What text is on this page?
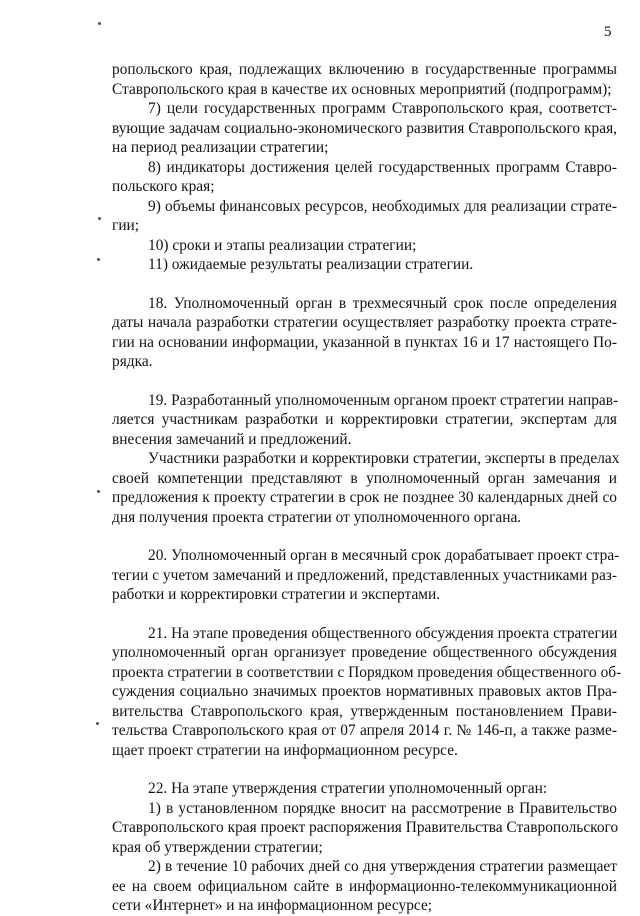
5
ропольского края, подлежащих включению в государственные программы
Ставропольского края в качестве их основных мероприятий (подпрограмм);
7) цели государственных программ Ставропольского края, соответст-
вующие задачам социально-экономического развития Ставропольского края,
на период реализации стратегии;
8) индикаторы достижения целей государственных программ Ставро-
польского края;
9) объемы финансовых ресурсов, необходимых для реализации страте-
гии;
10) сроки и этапы реализации стратегии;
11) ожидаемые результаты реализации стратегии.
18. Уполномоченный орган в трехмесячный срок после определения
даты начала разработки стратегии осуществляет разработку проекта страте-
гии на основании информации, указанной в пунктах 16 и 17 настоящего По-
рядка.
19. Разработанный уполномоченным органом проект стратегии направ-
ляется участникам разработки и корректировки стратегии, экспертам для
внесения замечаний и предложений.
Участники разработки и корректировки стратегии, эксперты в пределах
своей компетенции представляют в уполномоченный орган замечания и
предложения к проекту стратегии в срок не позднее 30 календарных дней со
дня получения проекта стратегии от уполномоченного органа.
20. Уполномоченный орган в месячный срок дорабатывает проект стра-
тегии с учетом замечаний и предложений, представленных участниками раз-
работки и корректировки стратегии и экспертами.
21. На этапе проведения общественного обсуждения проекта стратегии
уполномоченный орган организует проведение общественного обсуждения
проекта стратегии в соответствии с Порядком проведения общественного об-
суждения социально значимых проектов нормативных правовых актов Пра-
вительства Ставропольского края, утвержденным постановлением Прави-
тельства Ставропольского края от 07 апреля 2014 г. № 146-п, а также разме-
щает проект стратегии на информационном ресурсе.
22. На этапе утверждения стратегии уполномоченный орган:
1) в установленном порядке вносит на рассмотрение в Правительство
Ставропольского края проект распоряжения Правительства Ставропольского
края об утверждении стратегии;
2) в течение 10 рабочих дней со дня утверждения стратегии размещает
ее на своем официальном сайте в информационно-телекоммуникационной
сети «Интернет» и на информационном ресурсе;
